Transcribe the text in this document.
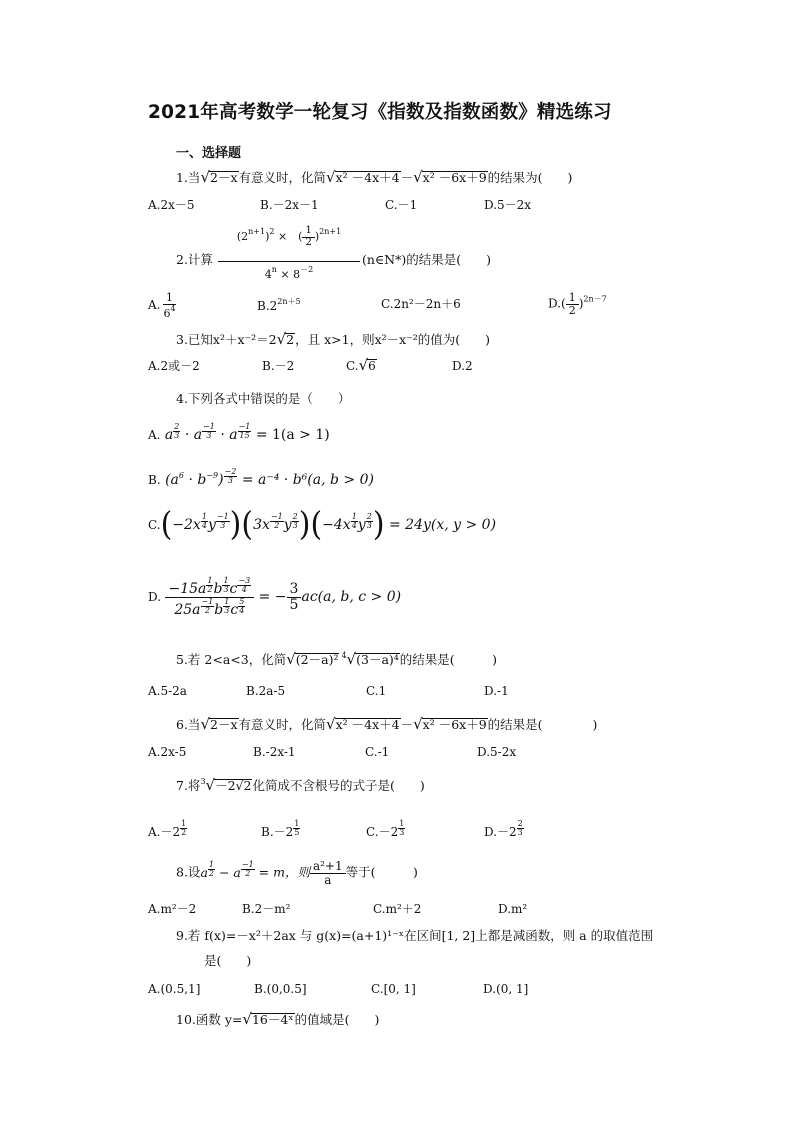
2021年高考数学一轮复习《指数及指数函数》精选练习
一、选择题
1.当√2－x有意义时，化简√x² －4x＋4－√x² －6x＋9的结果为(　　)
A.2x－5	B.－2x－1	C.－1	D.5－2x
2.计算
$(2^{n+1})^2$ ×　( $\frac{1}{2} )^{2n+1}$
$4^n \times 8^{-2}$
(n∈N*)的结果是(　　)
A. $\frac{1}{6^4}$	$B.2^{2n+5}$	C.2n²－2n＋6	$D.( \frac{1}{2} )^{2n-7}$
3.已知x²＋x⁻²＝2√2，且 x>1，则x²－x⁻²的值为(　　)
A.2或－2	B.－2	C.√6	D.2
4.下列各式中错误的是（　　）
A. a $\frac{2}{3} \cdot a \frac{-1}{3} \cdot a \frac{-1}{15} = 1(a > 1)$
B. $(a^6 \cdot b^{-9}) \frac{-2}{3} = a^{-4} \cdot b^6(a$, b > 0)
$C.(-2x \frac{1}{4}$ y $\frac{-1}{3} )(3x \frac{-1}{2}$ y $\frac{2}{3} )(-4x \frac{1}{4}$ y $\frac{2}{3}$ ) = 24y(x, y > 0)
D. $\frac{-15a \frac{1}{2} b \frac{1}{3} c \frac{-3}{4}}{25a \frac{-1}{2} b \frac{1}{3} c \frac{5}{4}}$ = − $\frac{3}{5} ac(a$, b, c > 0)
5.若 2<a<3，化简√(2－a)² $^4$√(3－a)⁴的结果是(　　　)
A.5-2a	B.2a-5	C.1	D.-1
6.当√2－x有意义时，化简√x² －4x＋4－√x² －6x＋9的结果是(　　　　)
A.2x-5	B.-2x-1	C.-1	D.5-2x
7.将$^3$√－2√2化简成不含根号的式子是(　　)
$A.-2 \frac{1}{2}$	$B.-2 \frac{1}{5}$	$C.-2 \frac{1}{3}$	$D.-2 \frac{2}{3}$
8.设a $\frac{1}{2} - a \frac{-1}{2} = m$，则 $\frac{\text{a²+1}}{a}$ 等于(　　　)
A.m²－2	B.2－m²	C.m²＋2	D.m²
9.若 f(x)=－x²＋2ax 与 g(x)=(a+1)¹⁻ˣ在区间[1, 2]上都是减函数，则 a 的取值范围
是(　　)
A.(0.5,1]	B.(0,0.5]	C.[0, 1]	D.(0, 1]
10.函数 y=√16－4ˣ的值域是(　　)
